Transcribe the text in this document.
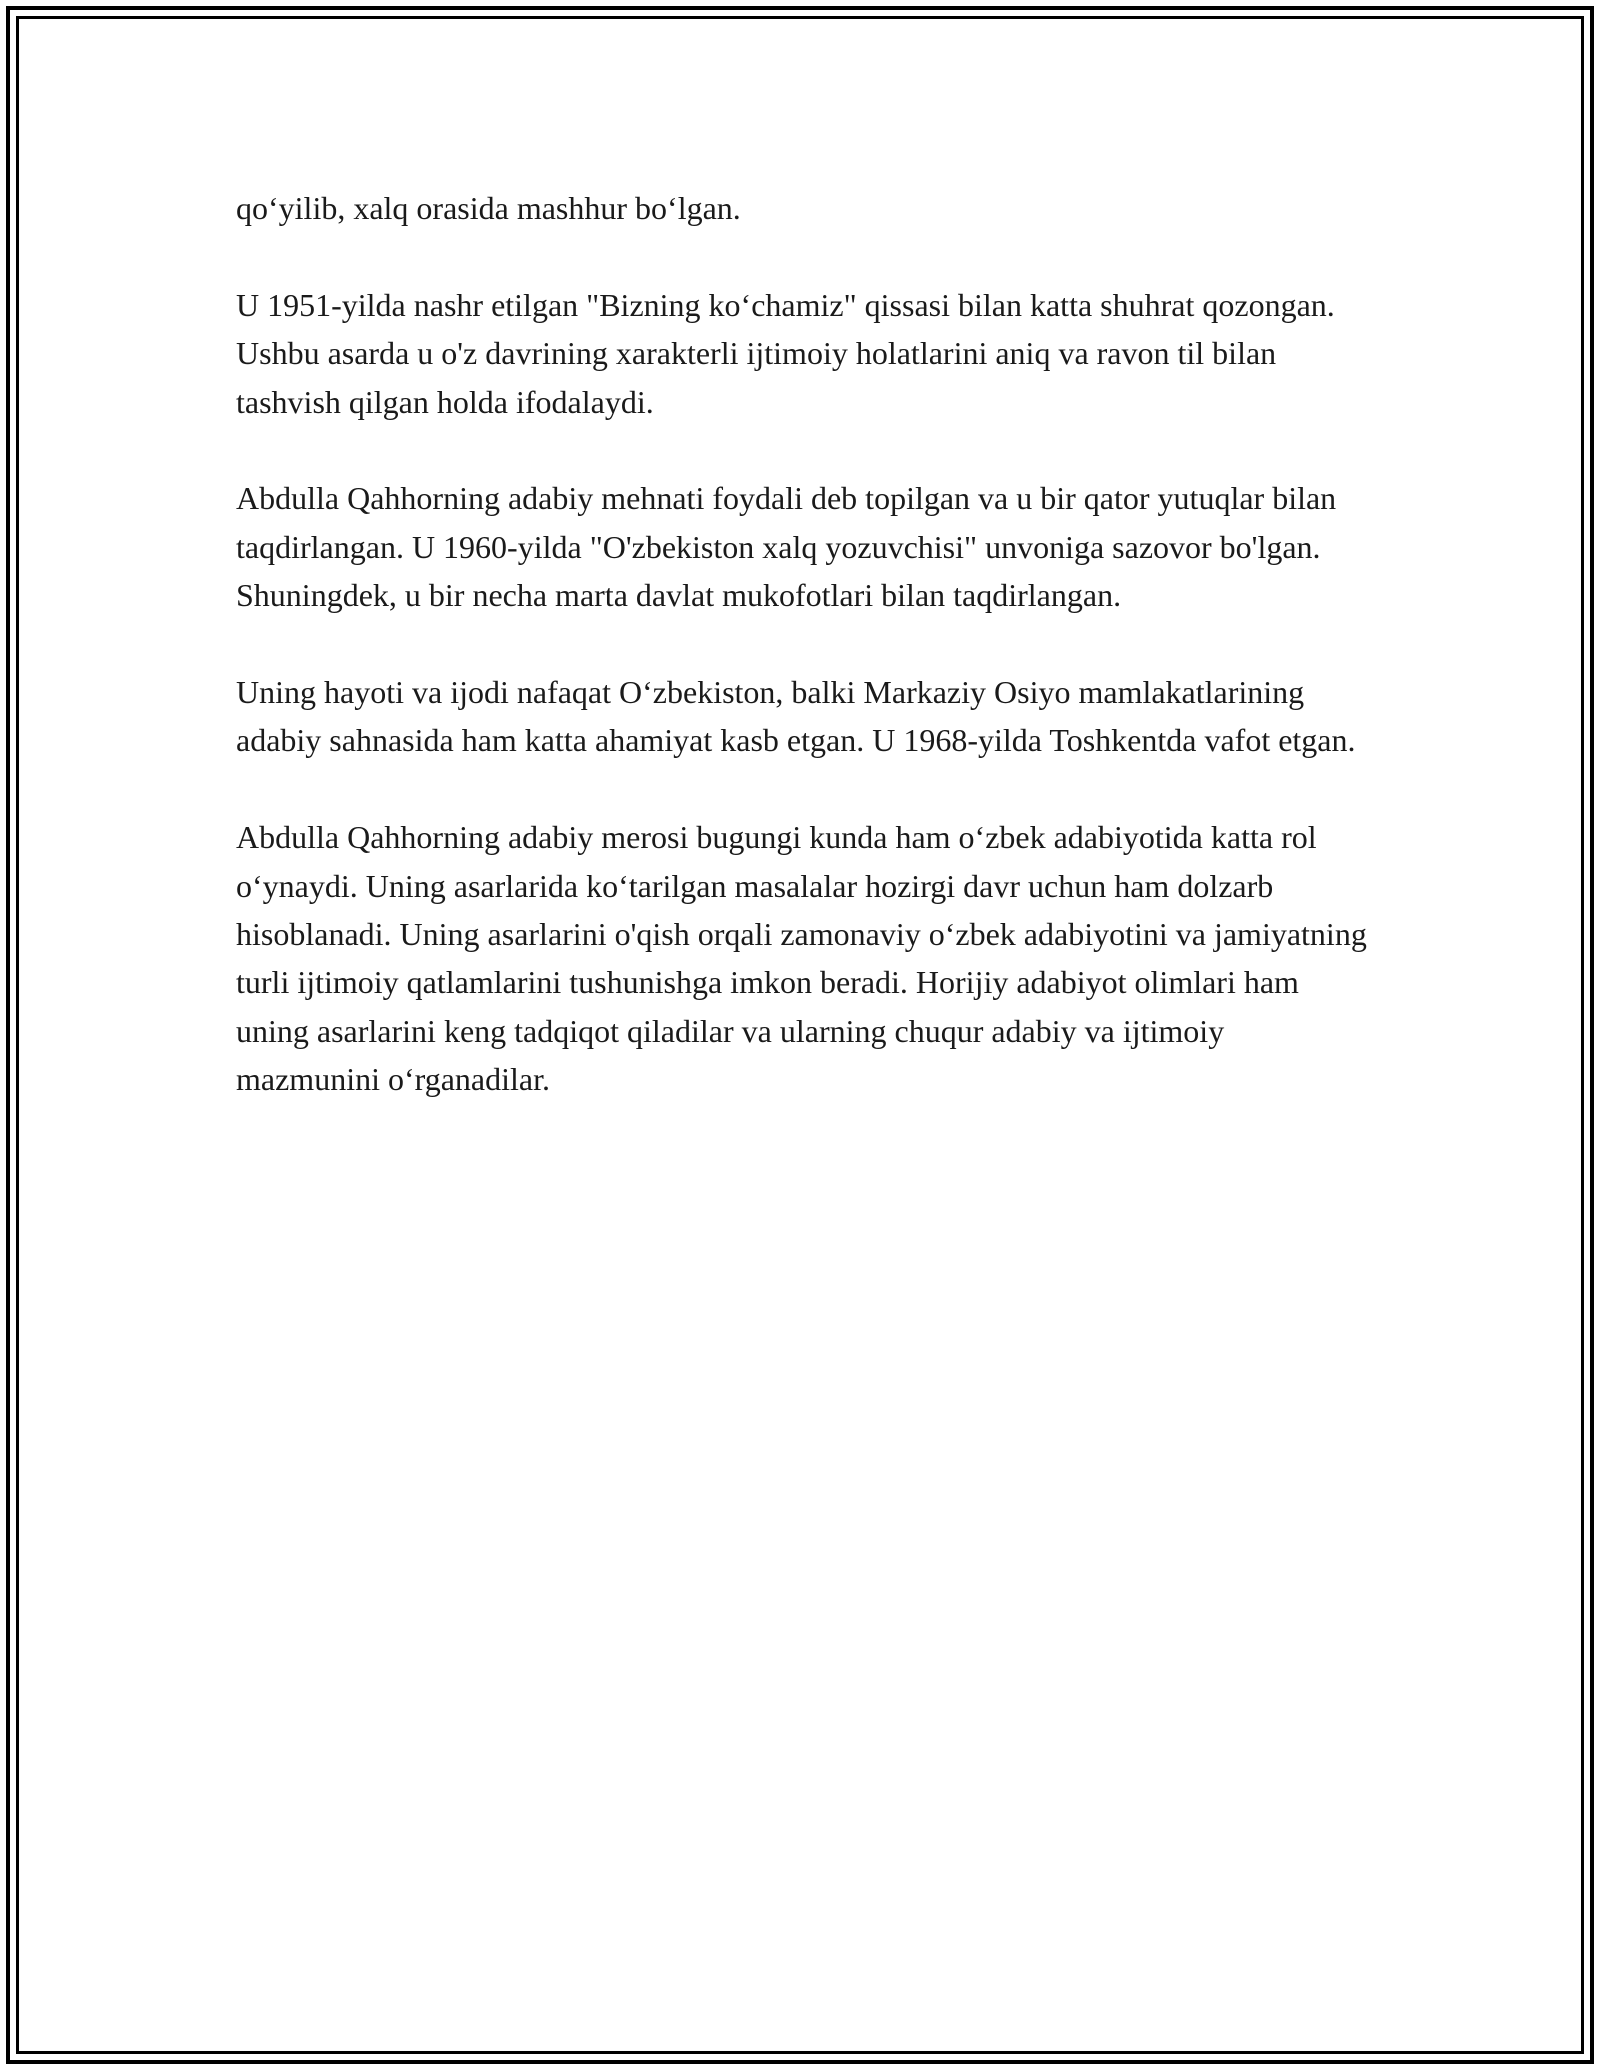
qo‘yilib, xalq orasida mashhur bo‘lgan.

U 1951-yilda nashr etilgan "Bizning ko‘chamiz" qissasi bilan katta shuhrat qozongan. Ushbu asarda u o'z davrining xarakterli ijtimoiy holatlarini aniq va ravon til bilan tashvish qilgan holda ifodalaydi.

Abdulla Qahhorning adabiy mehnati foydali deb topilgan va u bir qator yutuqlar bilan taqdirlangan. U 1960-yilda "O'zbekiston xalq yozuvchisi" unvoniga sazovor bo'lgan. Shuningdek, u bir necha marta davlat mukofotlari bilan taqdirlangan.

Uning hayoti va ijodi nafaqat O‘zbekiston, balki Markaziy Osiyo mamlakatlarining adabiy sahnasida ham katta ahamiyat kasb etgan. U 1968-yilda Toshkentda vafot etgan.

Abdulla Qahhorning adabiy merosi bugungi kunda ham o‘zbek adabiyotida katta rol o‘ynaydi. Uning asarlarida ko‘tarilgan masalalar hozirgi davr uchun ham dolzarb hisoblanadi. Uning asarlarini o'qish orqali zamonaviy o‘zbek adabiyotini va jamiyatning turli ijtimoiy qatlamlarini tushunishga imkon beradi. Horijiy adabiyot olimlari ham uning asarlarini keng tadqiqot qiladilar va ularning chuqur adabiy va ijtimoiy mazmunini o‘rganadilar.
